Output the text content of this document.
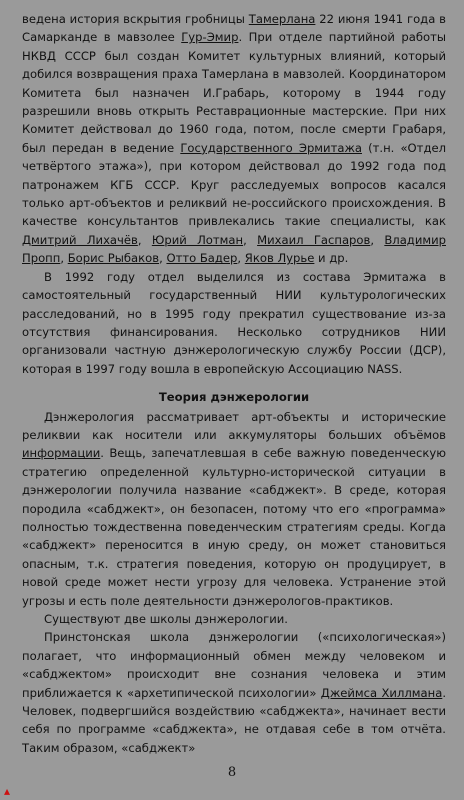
ведена история вскрытия гробницы Тамерлана 22 июня 1941 года в Самарканде в мавзолее Гур-Эмир. При отделе партийной работы НКВД СССР был создан Комитет культурных влияний, который добился возвращения праха Тамерлана в мавзолей. Координатором Комитета был назначен И.Грабарь, которому в 1944 году разрешили вновь открыть Реставрационные мастерские. При них Комитет действовал до 1960 года, потом, после смерти Грабаря, был передан в ведение Государственного Эрмитажа (т.н. «Отдел четвёртого этажа»), при котором действовал до 1992 года под патронажем КГБ СССР. Круг расследуемых вопросов касался только арт-объектов и реликвий не-российского происхождения. В качестве консультантов привлекались такие специалисты, как Дмитрий Лихачёв, Юрий Лотман, Михаил Гаспаров, Владимир Пропп, Борис Рыбаков, Отто Бадер, Яков Лурье и др.

В 1992 году отдел выделился из состава Эрмитажа в самостоятельный государственный НИИ культурологических расследований, но в 1995 году прекратил существование из-за отсутствия финансирования. Несколько сотрудников НИИ организовали частную дэнжерологическую службу России (ДСР), которая в 1997 году вошла в европейскую Ассоциацию NASS.

Теория дэнжерологии

Дэнжерология рассматривает арт-объекты и исторические реликвии как носители или аккумуляторы больших объёмов информации. Вещь, запечатлевшая в себе важную поведенческую стратегию определенной культурно-исторической ситуации в дэнжерологии получила название «сабджект». В среде, которая породила «сабджект», он безопасен, потому что его «программа» полностью тождественна поведенческим стратегиям среды. Когда «сабджект» переносится в иную среду, он может становиться опасным, т.к. стратегия поведения, которую он продуцирует, в новой среде может нести угрозу для человека. Устранение этой угрозы и есть поле деятельности дэнжерологов-практиков.

Существуют две школы дэнжерологии.

Принстонская школа дэнжерологии («психологическая») полагает, что информационный обмен между человеком и «сабджектом» происходит вне сознания человека и этим приближается к «архетипической психологии» Джеймса Хиллмана. Человек, подвергшийся воздействию «сабджекта», начинает вести себя по программе «сабджекта», не отдавая себе в том отчёта. Таким образом, «сабджект»

8
▴
